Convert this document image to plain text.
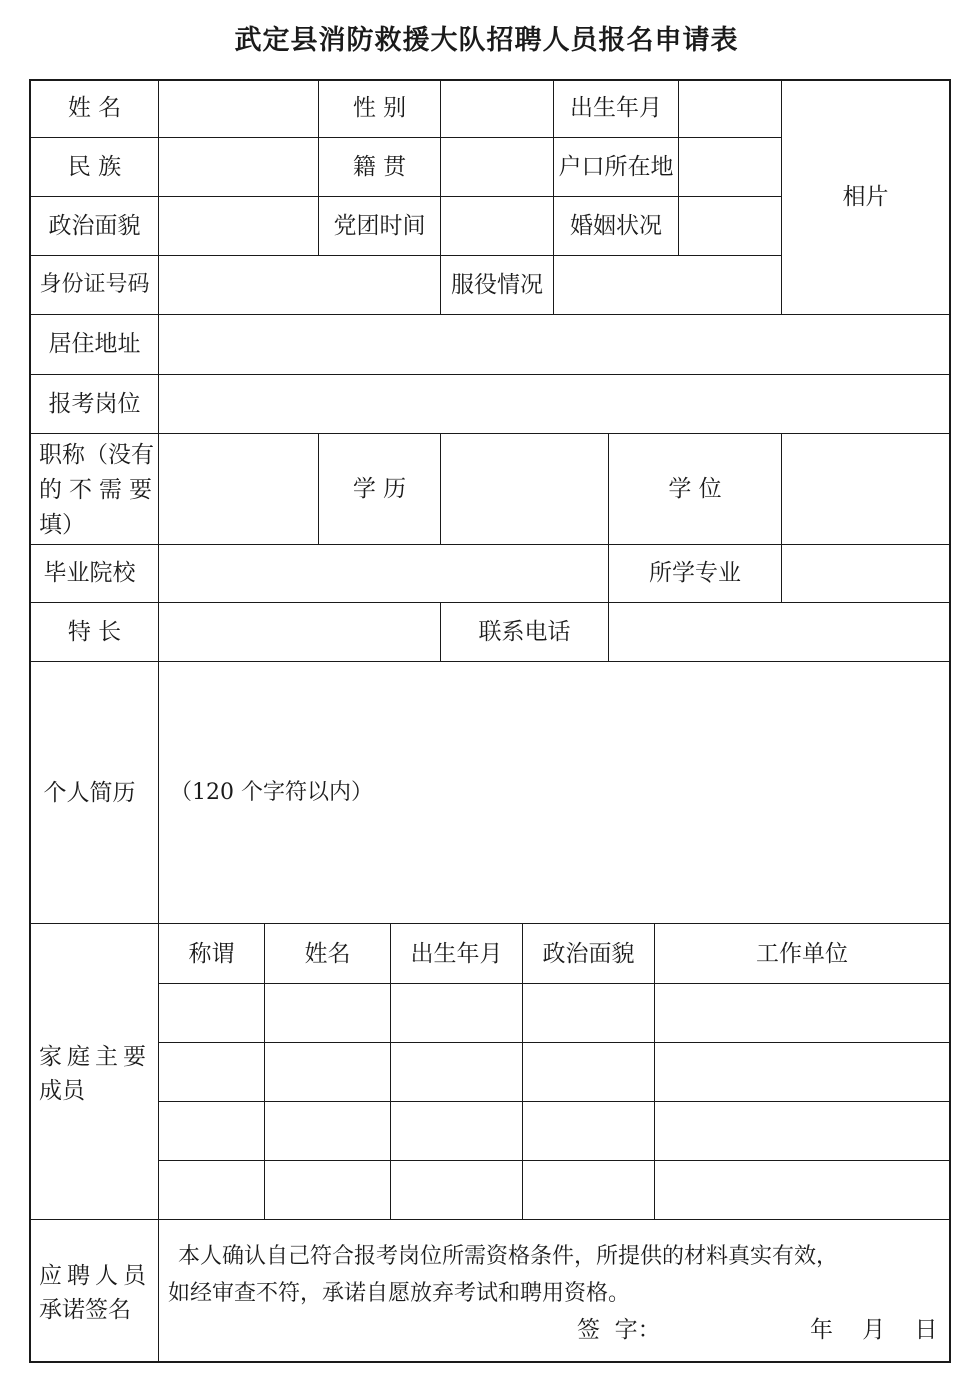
武定县消防救援大队招聘人员报名申请表
姓 名	性 别	出生年月
相片
民 族	籍 贯	户口所在地
政治面貌	党团时间	婚姻状况
身份证号码	服役情况
居住地址
报考岗位
职称（没有
的不需要
填）
学 历	学 位
毕业院校	所学专业
特 长	联系电话
个人简历	（120 个字符以内）
家庭主要
成员
称谓	姓名	出生年月	政治面貌	工作单位
应聘人员
承诺签名
本人确认自己符合报考岗位所需资格条件，所提供的材料真实有效，
如经审查不符，承诺自愿放弃考试和聘用资格。
签  字：	年    月    日
